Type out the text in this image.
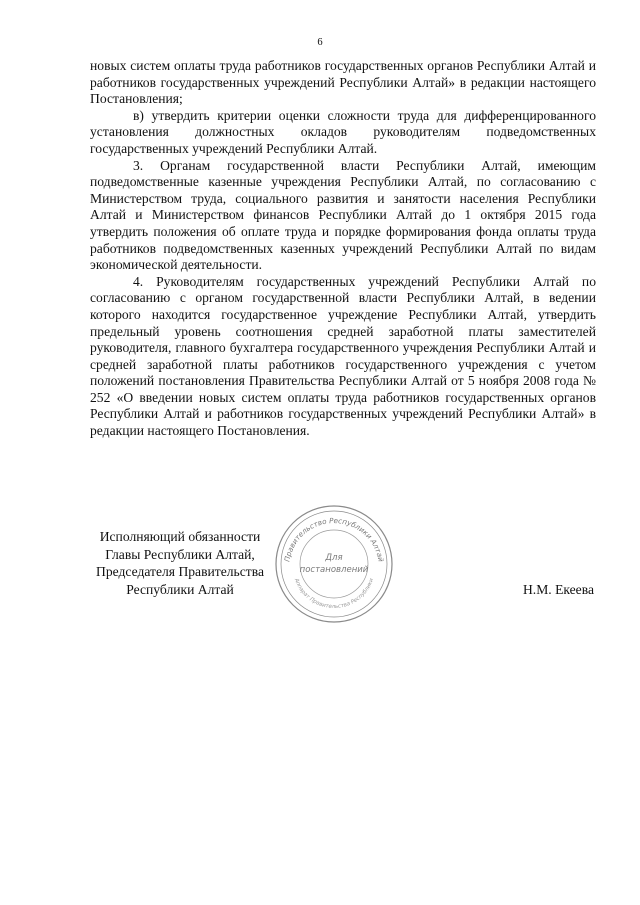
6

новых систем оплаты труда работников государственных органов Республики Алтай и работников государственных учреждений Республики Алтай» в редакции настоящего Постановления;

в) утвердить критерии оценки сложности труда для дифференцированного установления должностных окладов руководителям подведомственных государственных учреждений Республики Алтай.

3. Органам государственной власти Республики Алтай, имеющим подведомственные казенные учреждения Республики Алтай, по согласованию с Министерством труда, социального развития и занятости населения Республики Алтай и Министерством финансов Республики Алтай до 1 октября 2015 года утвердить положения об оплате труда и порядке формирования фонда оплаты труда работников подведомственных казенных учреждений Республики Алтай по видам экономической деятельности.

4. Руководителям государственных учреждений Республики Алтай по согласованию с органом государственной власти Республики Алтай, в ведении которого находится государственное учреждение Республики Алтай, утвердить предельный уровень соотношения средней заработной платы заместителей руководителя, главного бухгалтера государственного учреждения Республики Алтай и средней заработной платы работников государственного учреждения с учетом положений постановления Правительства Республики Алтай от 5 ноября 2008 года № 252 «О введении новых систем оплаты труда работников государственных органов Республики Алтай и работников государственных учреждений Республики Алтай» в редакции настоящего Постановления.

Исполняющий обязанности
Главы Республики Алтай,
Председателя Правительства
Республики Алтай	Н.М. Екеева
Правительство Республики Алтай
Аппарат Правительства Республики
Для
постановлений
